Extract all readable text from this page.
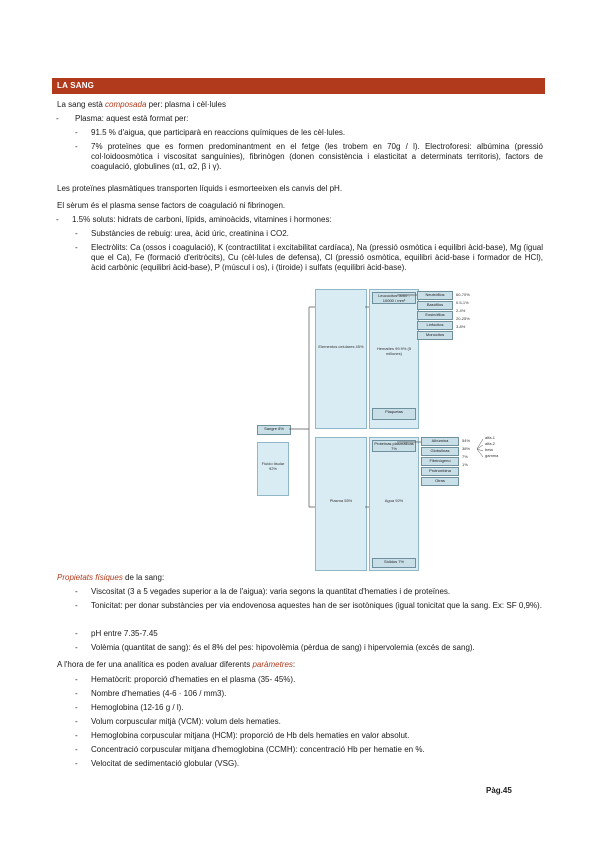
LA SANG
La sang està composada per: plasma i cèl·lules
- Plasma: aquest està format per:
- 91.5 % d'aigua, que participarà en reaccions químiques de les cèl·lules.
- 7% proteïnes que es formen predominantment en el fetge (les trobem en 70g / l). Electroforesi: albúmina (pressió col·loidoosmòtica i viscositat sanguínies), fibrinògen (donen consistència i elasticitat a determinats territoris), factors de coagulació, globulines (α1, α2, β i γ).
Les proteïnes plasmàtiques transporten líquids i esmorteeixen els canvis del pH.
El sèrum és el plasma sense factors de coagulació ni fibrinogen.
- 1.5% soluts: hidrats de carboni, lípids, aminoàcids, vitamines i hormones:
- Substàncies de rebuig: urea, àcid úric, creatinina i CO2.
- Electròlits: Ca (ossos i coagulació), K (contractilitat i excitabilitat cardíaca), Na (pressió osmòtica i equilibri àcid-base), Mg (igual que el Ca), Fe (formació d'eritròcits), Cu (cèl·lules de defensa), Cl (pressió osmòtica, equilibri àcid-base i formador de HCl), àcid carbònic (equilibri àcid-base), P (múscul i os), i (tiroide) i sulfats (equilibri àcid-base).
Elementos celulares 45%
Leucocitos 5000 - 10000 / mm³
Hematíes 99.9% (5 millones)
Plaquetas
Neutrófilos
Basófilos
Eosinófilos
Linfocitos
Monocitos
60-70%
0.5-1%
2-4%
20-25%
3-8%
Sangre 8%
Fluido tisular 92%
Plasma 55%
Proteínas plasmáticas 7%
Agua 92%
Sólidos 7%
Albúmina
Globulinas
Fibrinógeno
Protrombina
Otras
54%
38%
7%
1%
alfa-1
alfa-2
beta
gamma
Propietats físiques de la sang:
- Viscositat (3 a 5 vegades superior a la de l'aigua): varia segons la quantitat d'hematies i de proteïnes.
- Tonicitat: per donar substàncies per via endovenosa aquestes han de ser isotòniques (igual tonicitat que la sang. Ex: SF 0,9%).
- pH entre 7.35-7.45
- Volèmia (quantitat de sang): és el 8% del pes: hipovolèmia (pèrdua de sang) i hipervolemia (excés de sang).
A l'hora de fer una analítica es poden avaluar diferents paràmetres:
- Hematòcrit: proporció d'hematies en el plasma (35- 45%).
- Nombre d'hematies (4-6 · 106 / mm3).
- Hemoglobina (12-16 g / l).
- Volum corpuscular mitjà (VCM): volum dels hematies.
- Hemoglobina corpuscular mitjana (HCM): proporció de Hb dels hematies en valor absolut.
- Concentració corpuscular mitjana d'hemoglobina (CCMH): concentració Hb per hematie en %.
- Velocitat de sedimentació globular (VSG).
Pàg.45
